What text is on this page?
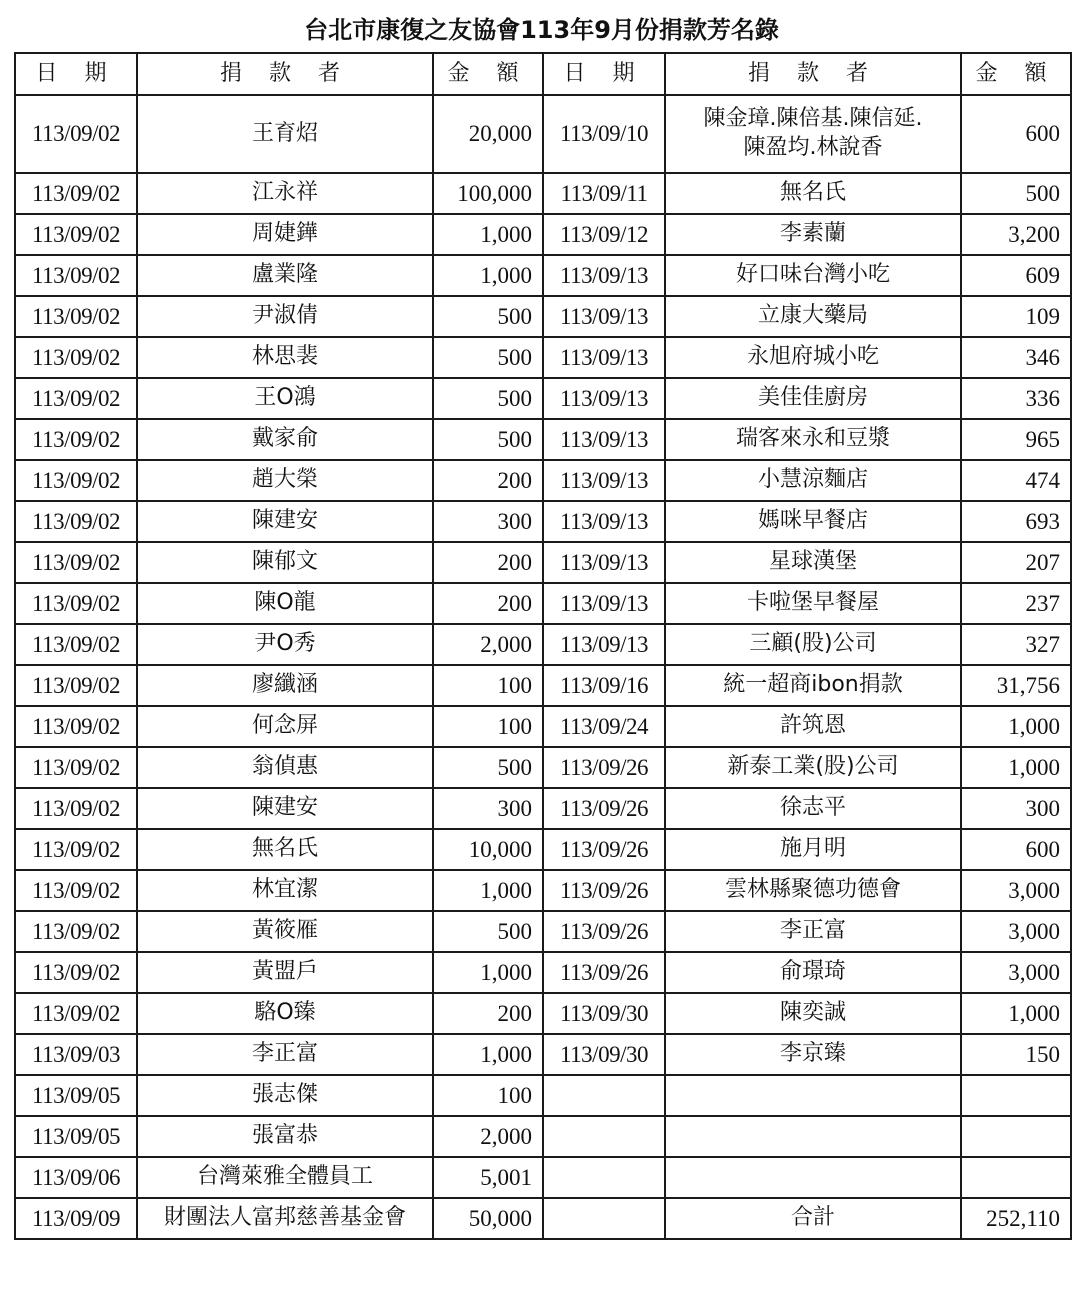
台北市康復之友協會113年9月份捐款芳名錄
日 期	捐 款 者	金 額	日 期	捐 款 者	金 額
113/09/02	王育炤	20,000	113/09/10	陳金璋.陳倍基.陳信延.
陳盈均.林說香	600
113/09/02	江永祥	100,000	113/09/11	無名氏	500
113/09/02	周婕鏵	1,000	113/09/12	李素蘭	3,200
113/09/02	盧業隆	1,000	113/09/13	好口味台灣小吃	609
113/09/02	尹淑倩	500	113/09/13	立康大藥局	109
113/09/02	林思裴	500	113/09/13	永旭府城小吃	346
113/09/02	王O鴻	500	113/09/13	美佳佳廚房	336
113/09/02	戴家俞	500	113/09/13	瑞客來永和豆漿	965
113/09/02	趙大榮	200	113/09/13	小慧涼麵店	474
113/09/02	陳建安	300	113/09/13	媽咪早餐店	693
113/09/02	陳郁文	200	113/09/13	星球漢堡	207
113/09/02	陳O龍	200	113/09/13	卡啦堡早餐屋	237
113/09/02	尹O秀	2,000	113/09/13	三顧(股)公司	327
113/09/02	廖纖涵	100	113/09/16	統一超商ibon捐款	31,756
113/09/02	何念屏	100	113/09/24	許筑恩	1,000
113/09/02	翁偵惠	500	113/09/26	新泰工業(股)公司	1,000
113/09/02	陳建安	300	113/09/26	徐志平	300
113/09/02	無名氏	10,000	113/09/26	施月明	600
113/09/02	林宜潔	1,000	113/09/26	雲林縣聚德功德會	3,000
113/09/02	黃筱雁	500	113/09/26	李正富	3,000
113/09/02	黃盟戶	1,000	113/09/26	俞璟琦	3,000
113/09/02	駱O臻	200	113/09/30	陳奕誠	1,000
113/09/03	李正富	1,000	113/09/30	李京臻	150
113/09/05	張志傑	100			
113/09/05	張富恭	2,000			
113/09/06	台灣萊雅全體員工	5,001			
113/09/09	財團法人富邦慈善基金會	50,000		合計	252,110
